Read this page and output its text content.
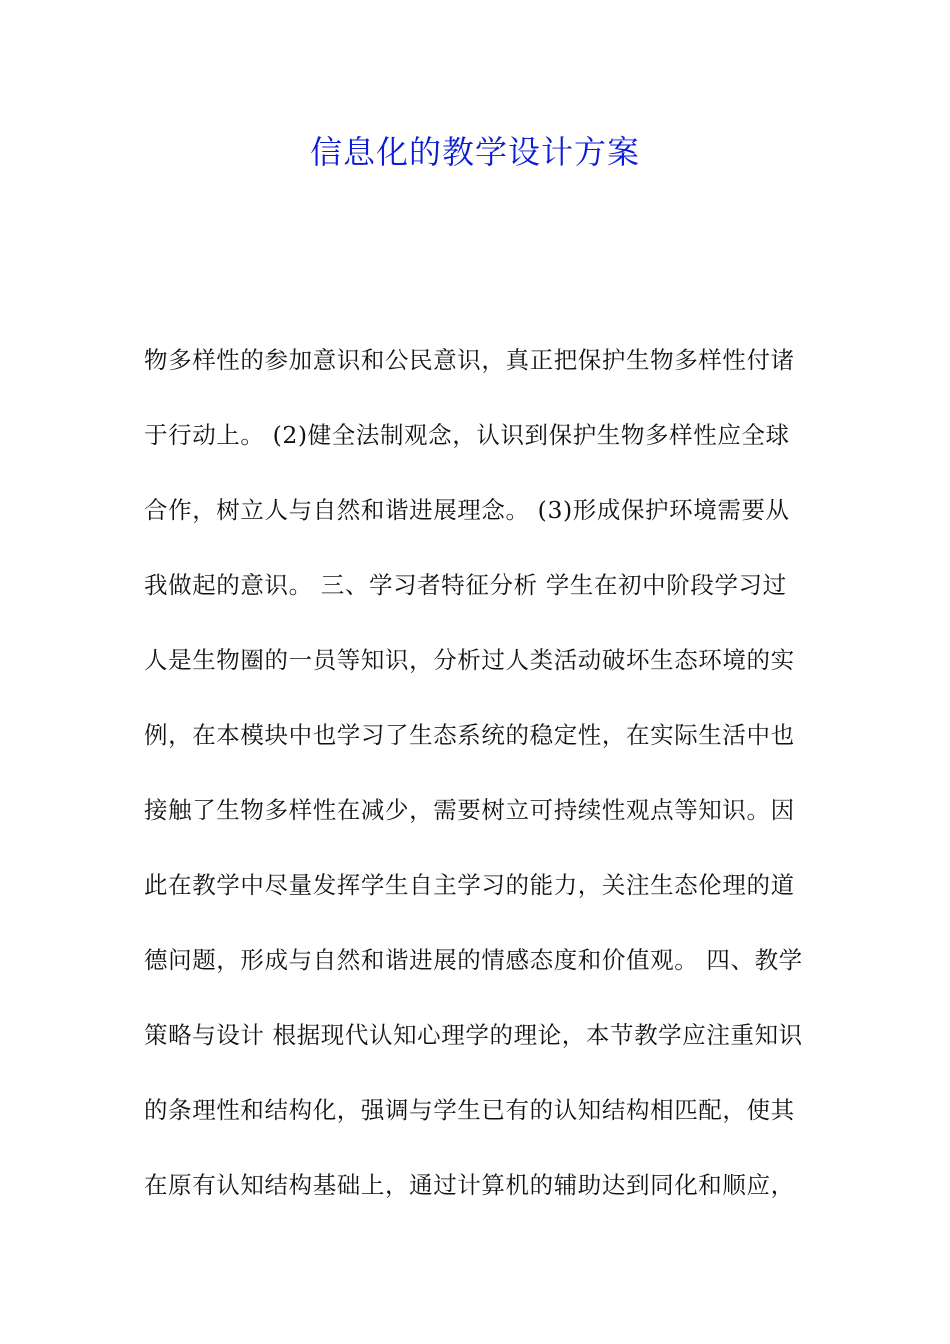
信息化的教学设计方案
物多样性的参加意识和公民意识，真正把保护生物多样性付诸
于行动上。 (2)健全法制观念，认识到保护生物多样性应全球
合作，树立人与自然和谐进展理念。 (3)形成保护环境需要从
我做起的意识。 三、学习者特征分析 学生在初中阶段学习过
人是生物圈的一员等知识，分析过人类活动破坏生态环境的实
例，在本模块中也学习了生态系统的稳定性，在实际生活中也
接触了生物多样性在减少，需要树立可持续性观点等知识。因
此在教学中尽量发挥学生自主学习的能力，关注生态伦理的道
德问题，形成与自然和谐进展的情感态度和价值观。 四、教学
策略与设计 根据现代认知心理学的理论，本节教学应注重知识
的条理性和结构化，强调与学生已有的认知结构相匹配，使其
在原有认知结构基础上，通过计算机的辅助达到同化和顺应，
